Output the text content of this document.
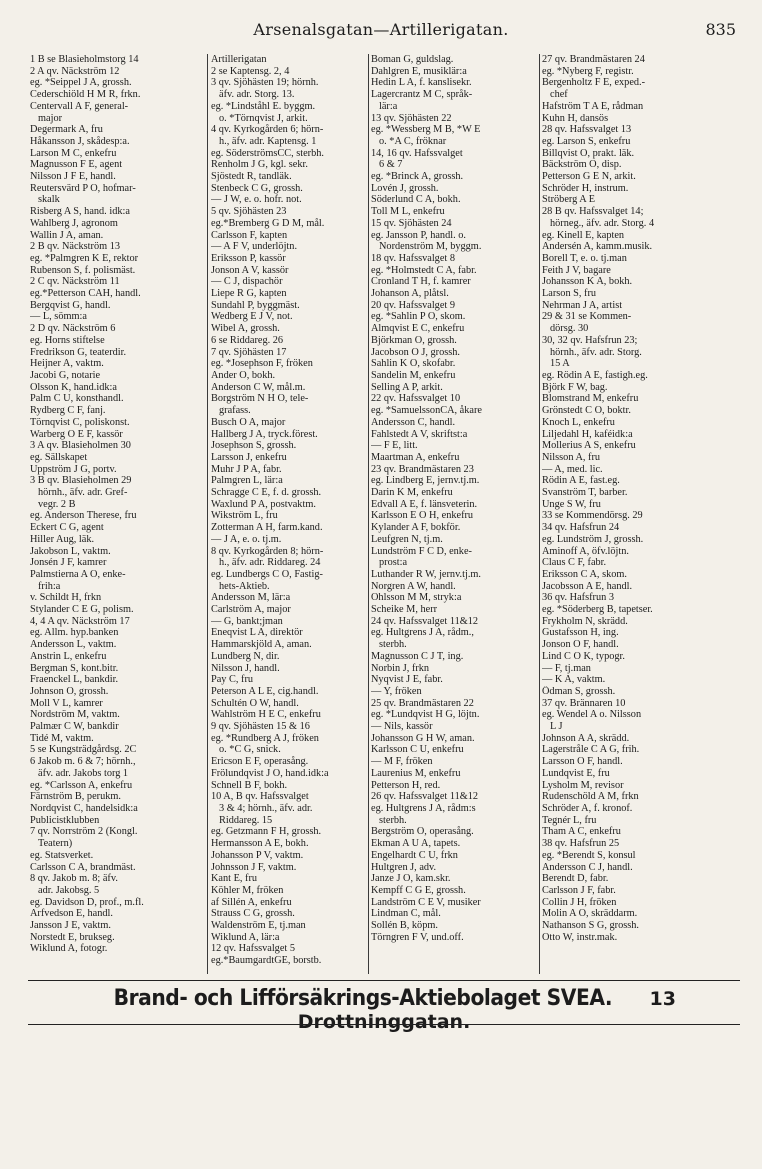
Arsenalsgatan—Artillerigatan.	835
1 B se Blasieholmstorg 14
2 A qv. Näckström 12
eg. *Seippel J A, grossh.
Cederschiöld H M R, frkn.
Centervall A F, general-
major
Degermark A, fru
Håkansson J, skådesp:a.
Larson M C, enkefru
Magnusson F E, agent
Nilsson J F E, handl.
Reutersvärd P O, hofmar-
skalk
Risberg A S, hand. idk:a
Wahlberg J, agronom
Wallin J A, aman.
2 B qv. Näckström 13
eg. *Palmgren K E, rektor
Rubenson S, f. polismäst.
2 C qv. Näckström 11
eg.*Petterson CAH, handl.
Bergqvist G, handl.
— L, sömm:a
2 D qv. Näckström 6
eg. Horns stiftelse
Fredrikson G, teaterdir.
Heijner A, vaktm.
Jacobi G, notarie
Olsson K, hand.idk:a
Palm C U, konsthandl.
Rydberg C F, fanj.
Törnqvist C, poliskonst.
Warberg O E F, kassör
3 A qv. Blasieholmen 30
eg. Sällskapet
Uppström J G, portv.
3 B qv. Blasieholmen 29
hörnh., äfv. adr. Gref-
vegr. 2 B
eg. Anderson Therese, fru
Eckert C G, agent
Hiller Aug, läk.
Jakobson L, vaktm.
Jonsén J F, kamrer
Palmstierna A O, enke-
frih:a
v. Schildt H, frkn
Stylander C E G, polism.
4, 4 A qv. Näckström 17
eg. Allm. hyp.banken
Andersson L, vaktm.
Anstrin L, enkefru
Bergman S, kont.bitr.
Fraenckel L, bankdir.
Johnson O, grossh.
Moll V L, kamrer
Nordström M, vaktm.
Palmær C W, bankdir
Tidé M, vaktm.
5 se Kungsträdgårdsg. 2C
6 Jakob m. 6 & 7; hörnh.,
äfv. adr. Jakobs torg 1
eg. *Carlsson A, enkefru
Färnström B, perukm.
Nordqvist C, handelsidk:a
Publicistklubben
7 qv. Norrström 2 (Kongl.
Teatern)
eg. Statsverket.
Carlsson C A, brandmäst.
8 qv. Jakob m. 8; äfv.
adr. Jakobsg. 5
eg. Davidson D, prof., m.fl.
Arfvedson E, handl.
Jansson J E, vaktm.
Norstedt E, brukseg.
Wiklund A, fotogr.
Artillerigatan
2 se Kaptensg. 2, 4
3 qv. Sjöhästen 19; hörnh.
äfv. adr. Storg. 13.
eg. *Lindståhl E. byggm.
o. *Törnqvist J, arkit.
4 qv. Kyrkogården 6; hörn-
h., äfv. adr. Kaptensg. 1
eg. SöderströmsCC, sterbh.
Renholm J G, kgl. sekr.
Sjöstedt R, tandläk.
Stenbeck C G, grossh.
— J W, e. o. hofr. not.
5 qv. Sjöhästen 23
eg.*Bremberg G D M, mål.
Carlsson F, kapten
— A F V, underlöjtn.
Eriksson P, kassör
Jonson A V, kassör
— C J, dispachör
Liepe R G, kapten
Sundahl P, byggmäst.
Wedberg E J V, not.
Wibel A, grossh.
6 se Riddareg. 26
7 qv. Sjöhästen 17
eg. *Josephson F, fröken
Ander O, bokh.
Anderson C W, mål.m.
Borgström N H O, tele-
grafass.
Busch O A, major
Hallberg J A, tryck.förest.
Josephson S, grossh.
Larsson J, enkefru
Muhr J P A, fabr.
Palmgren L, lär:a
Schragge C E, f. d. grossh.
Waxlund P A, postvaktm.
Wikström L, fru
Zotterman A H, farm.kand.
— J A, e. o. tj.m.
8 qv. Kyrkogården 8; hörn-
h., äfv. adr. Riddareg. 24
eg. Lundbergs C O, Fastig-
hets-Aktieb.
Andersson M, lär:a
Carlström A, major
— G, bankt;jman
Eneqvist L A, direktör
Hammarskjöld A, aman.
Lundberg N, dir.
Nilsson J, handl.
Pay C, fru
Peterson A L E, cig.handl.
Schultén O W, handl.
Wahlström H E C, enkefru
9 qv. Sjöhästen 15 & 16
eg. *Rundberg A J, fröken
o. *C G, snick.
Ericson E F, operasång.
Frölundqvist J O, hand.idk:a
Schnell B F, bokh.
10 A, B qv. Hafssvalget
3 & 4; hörnh., äfv. adr.
Riddareg. 15
eg. Getzmann F H, grossh.
Hermansson A E, bokh.
Johansson P V, vaktm.
Johnsson J F, vaktm.
Kant E, fru
Köhler M, fröken
af Sillén A, enkefru
Strauss C G, grossh.
Waldenström E, tj.man
Wiklund A, lär:a
12 qv. Hafssvalget 5
eg.*BaumgardtGE, borstb.
Boman G, guldslag.
Dahlgren E, musiklär:a
Hedin L A, f. kanslisekr.
Lagercrantz M C, språk-
lär:a
13 qv. Sjöhästen 22
eg. *Wessberg M B, *W E
o. *A C, fröknar
14, 16 qv. Hafssvalget
6 & 7
eg. *Brinck A, grossh.
Lovén J, grossh.
Söderlund C A, bokh.
Toll M L, enkefru
15 qv. Sjöhästen 24
eg. Jansson P, handl. o.
Nordenström M, byggm.
18 qv. Hafssvalget 8
eg. *Holmstedt C A, fabr.
Cronland T H, f. kamrer
Johanson A, plåtsl.
20 qv. Hafssvalget 9
eg. *Sahlin P O, skom.
Almqvist E C, enkefru
Björkman O, grossh.
Jacobson O J, grossh.
Sahlin K O, skofabr.
Sandelin M, enkefru
Selling A P, arkit.
22 qv. Hafssvalget 10
eg. *SamuelssonCA, åkare
Andersson C, handl.
Fahlstedt A V, skriftst:a
— F E, litt.
Maartman A, enkefru
23 qv. Brandmästaren 23
eg. Lindberg E, jernv.tj.m.
Darin K M, enkefru
Edvall A E, f. länsveterin.
Karlsson E O H, enkefru
Kylander A F, bokför.
Leufgren N, tj.m.
Lundström F C D, enke-
prost:a
Luthander R W, jernv.tj.m.
Norgren A W, handl.
Ohlsson M M, stryk:a
Scheike M, herr
24 qv. Hafssvalget 11&12
eg. Hultgrens J A, rådm.,
sterbh.
Magnusson C J T, ing.
Norbin J, frkn
Nyqvist J E, fabr.
— Y, fröken
25 qv. Brandmästaren 22
eg. *Lundqvist H G, löjtn.
— Nils, kassör
Johansson G H W, aman.
Karlsson C U, enkefru
— M F, fröken
Laurenius M, enkefru
Petterson H, red.
26 qv. Hafssvalget 11&12
eg. Hultgrens J A, rådm:s
sterbh.
Bergström O, operasång.
Ekman A U A, tapets.
Engelhardt C U, frkn
Hultgren J, adv.
Janze J O, kam.skr.
Kempff C G E, grossh.
Landström C E V, musiker
Lindman C, mål.
Sollén B, köpm.
Törngren F V, und.off.
27 qv. Brandmästaren 24
eg. *Nyberg F, registr.
Bergenholtz F E, exped.-
chef
Hafström T A E, rådman
Kuhn H, dansös
28 qv. Hafssvalget 13
eg. Larson S, enkefru
Billqvist O, prakt. läk.
Bäckström O, disp.
Petterson G E N, arkit.
Schröder H, instrum.
Ströberg A E
28 B qv. Hafssvalget 14;
hörneg., äfv. adr. Storg. 4
eg. Kinell E, kapten
Andersén A, kamm.musik.
Borell T, e. o. tj.man
Feith J V, bagare
Johansson K A, bokh.
Larson S, fru
Nehrman J A, artist
29 & 31 se Kommen-
dörsg. 30
30, 32 qv. Hafsfrun 23;
hörnh., äfv. adr. Storg.
15 A
eg. Rödin A E, fastigh.eg.
Björk F W, bag.
Blomstrand M, enkefru
Grönstedt C O, boktr.
Knoch L, enkefru
Liljedahl H, kaféidk:a
Mollerius A S, enkefru
Nilsson A, fru
— A, med. lic.
Rödin A E, fast.eg.
Svanström T, barber.
Unge S W, fru
33 se Kommendörsg. 29
34 qv. Hafsfrun 24
eg. Lundström J, grossh.
Aminoff A, öfv.löjtn.
Claus C F, fabr.
Eriksson C A, skom.
Jacobsson A E, handl.
36 qv. Hafsfrun 3
eg. *Söderberg B, tapetser.
Frykholm N, skrädd.
Gustafsson H, ing.
Jonson O F, handl.
Lind C O K, typogr.
— F, tj.man
— K A, vaktm.
Ödman S, grossh.
37 qv. Brännaren 10
eg. Wendel A o. Nilsson
L J
Johnson A A, skrädd.
Lagerstråle C A G, frih.
Larsson O F, handl.
Lundqvist E, fru
Lysholm M, revisor
Rudenschöld A M, frkn
Schröder A, f. kronof.
Tegnér L, fru
Tham A C, enkefru
38 qv. Hafsfrun 25
eg. *Berendt S, konsul
Andersson C J, handl.
Berendt D, fabr.
Carlsson J F, fabr.
Collin J H, fröken
Molin A O, skräddarm.
Nathanson S G, grossh.
Otto W, instr.mak.
Brand- och Lifförsäkrings-Aktiebolaget SVEA. 13 Drottninggatan.
